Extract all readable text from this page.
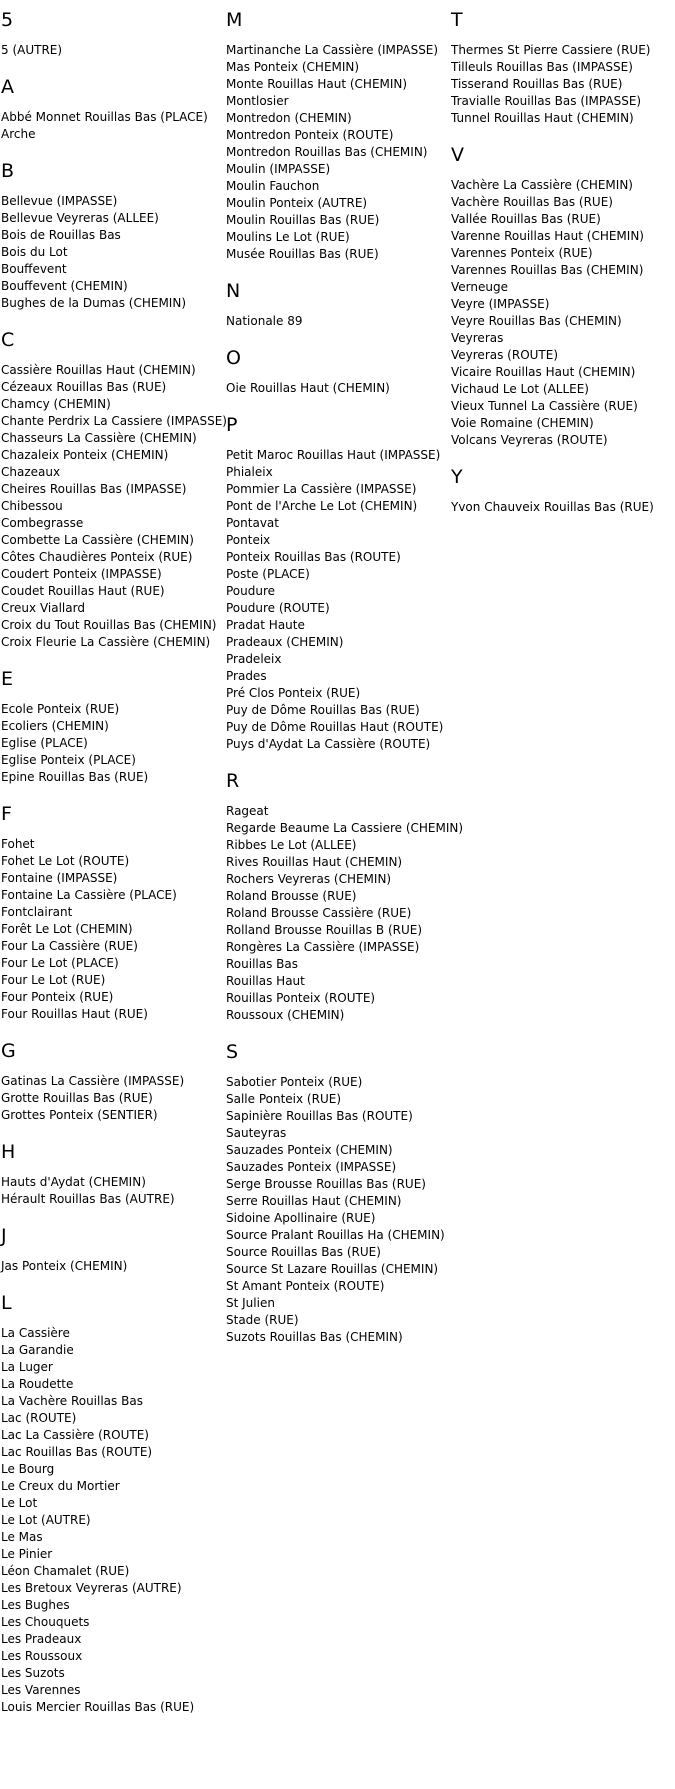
5
5 (AUTRE)
A
Abbé Monnet Rouillas Bas (PLACE)
Arche
B
Bellevue (IMPASSE)
Bellevue Veyreras (ALLEE)
Bois de Rouillas Bas
Bois du Lot
Bouffevent
Bouffevent (CHEMIN)
Bughes de la Dumas (CHEMIN)
C
Cassière Rouillas Haut (CHEMIN)
Cézeaux Rouillas Bas (RUE)
Chamcy (CHEMIN)
Chante Perdrix La Cassiere (IMPASSE)
Chasseurs La Cassière (CHEMIN)
Chazaleix Ponteix (CHEMIN)
Chazeaux
Cheires Rouillas Bas (IMPASSE)
Chibessou
Combegrasse
Combette La Cassière (CHEMIN)
Côtes Chaudières Ponteix (RUE)
Coudert Ponteix (IMPASSE)
Coudet Rouillas Haut (RUE)
Creux Viallard
Croix du Tout Rouillas Bas (CHEMIN)
Croix Fleurie La Cassière (CHEMIN)
E
Ecole Ponteix (RUE)
Ecoliers (CHEMIN)
Eglise (PLACE)
Eglise Ponteix (PLACE)
Epine Rouillas Bas (RUE)
F
Fohet
Fohet Le Lot (ROUTE)
Fontaine (IMPASSE)
Fontaine La Cassière (PLACE)
Fontclairant
Forêt Le Lot (CHEMIN)
Four La Cassière (RUE)
Four Le Lot (PLACE)
Four Le Lot (RUE)
Four Ponteix (RUE)
Four Rouillas Haut (RUE)
G
Gatinas La Cassière (IMPASSE)
Grotte Rouillas Bas (RUE)
Grottes Ponteix (SENTIER)
H
Hauts d'Aydat (CHEMIN)
Hérault Rouillas Bas (AUTRE)
J
Jas Ponteix (CHEMIN)
L
La Cassière
La Garandie
La Luger
La Roudette
La Vachère Rouillas Bas
Lac (ROUTE)
Lac La Cassière (ROUTE)
Lac Rouillas Bas (ROUTE)
Le Bourg
Le Creux du Mortier
Le Lot
Le Lot (AUTRE)
Le Mas
Le Pinier
Léon Chamalet (RUE)
Les Bretoux Veyreras (AUTRE)
Les Bughes
Les Chouquets
Les Pradeaux
Les Roussoux
Les Suzots
Les Varennes
Louis Mercier Rouillas Bas (RUE)
M
Martinanche La Cassière (IMPASSE)
Mas Ponteix (CHEMIN)
Monte Rouillas Haut (CHEMIN)
Montlosier
Montredon (CHEMIN)
Montredon Ponteix (ROUTE)
Montredon Rouillas Bas (CHEMIN)
Moulin (IMPASSE)
Moulin Fauchon
Moulin Ponteix (AUTRE)
Moulin Rouillas Bas (RUE)
Moulins Le Lot (RUE)
Musée Rouillas Bas (RUE)
N
Nationale 89
O
Oie Rouillas Haut (CHEMIN)
P
Petit Maroc Rouillas Haut (IMPASSE)
Phialeix
Pommier La Cassière (IMPASSE)
Pont de l'Arche Le Lot (CHEMIN)
Pontavat
Ponteix
Ponteix Rouillas Bas (ROUTE)
Poste (PLACE)
Poudure
Poudure (ROUTE)
Pradat Haute
Pradeaux (CHEMIN)
Pradeleix
Prades
Pré Clos Ponteix (RUE)
Puy de Dôme Rouillas Bas (RUE)
Puy de Dôme Rouillas Haut (ROUTE)
Puys d'Aydat La Cassière (ROUTE)
R
Rageat
Regarde Beaume La Cassiere (CHEMIN)
Ribbes Le Lot (ALLEE)
Rives Rouillas Haut (CHEMIN)
Rochers Veyreras (CHEMIN)
Roland Brousse (RUE)
Roland Brousse Cassière (RUE)
Rolland Brousse Rouillas B (RUE)
Rongères La Cassière (IMPASSE)
Rouillas Bas
Rouillas Haut
Rouillas Ponteix (ROUTE)
Roussoux (CHEMIN)
S
Sabotier Ponteix (RUE)
Salle Ponteix (RUE)
Sapinière Rouillas Bas (ROUTE)
Sauteyras
Sauzades Ponteix (CHEMIN)
Sauzades Ponteix (IMPASSE)
Serge Brousse Rouillas Bas (RUE)
Serre Rouillas Haut (CHEMIN)
Sidoine Apollinaire (RUE)
Source Pralant Rouillas Ha (CHEMIN)
Source Rouillas Bas (RUE)
Source St Lazare Rouillas (CHEMIN)
St Amant Ponteix (ROUTE)
St Julien
Stade (RUE)
Suzots Rouillas Bas (CHEMIN)
T
Thermes St Pierre Cassiere (RUE)
Tilleuls Rouillas Bas (IMPASSE)
Tisserand Rouillas Bas (RUE)
Travialle Rouillas Bas (IMPASSE)
Tunnel Rouillas Haut (CHEMIN)
V
Vachère La Cassière (CHEMIN)
Vachère Rouillas Bas (RUE)
Vallée Rouillas Bas (RUE)
Varenne Rouillas Haut (CHEMIN)
Varennes Ponteix (RUE)
Varennes Rouillas Bas (CHEMIN)
Verneuge
Veyre (IMPASSE)
Veyre Rouillas Bas (CHEMIN)
Veyreras
Veyreras (ROUTE)
Vicaire Rouillas Haut (CHEMIN)
Vichaud Le Lot (ALLEE)
Vieux Tunnel La Cassière (RUE)
Voie Romaine (CHEMIN)
Volcans Veyreras (ROUTE)
Y
Yvon Chauveix Rouillas Bas (RUE)
